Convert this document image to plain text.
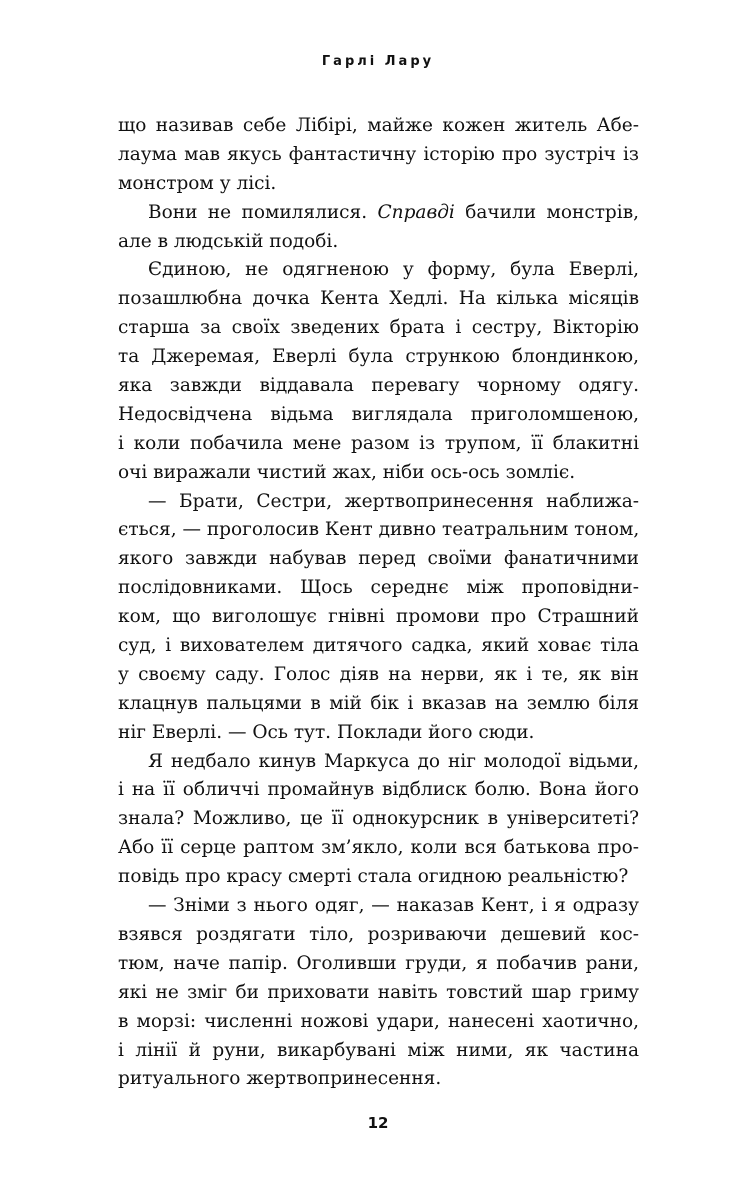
Гарлі Лару
що називав себе Лібірі, майже кожен житель Абе-
лаума мав якусь фантастичну історію про зустріч із
монстром у лісі.
Вони не помилялися. Справді бачили монстрів,
але в людській подобі.
Єдиною, не одягненою у форму, була Еверлі,
позашлюбна дочка Кента Хедлі. На кілька місяців
старша за своїх зведених брата і сестру, Вікторію
та Джеремая, Еверлі була стрункою блондинкою,
яка завжди віддавала перевагу чорному одягу.
Недосвідчена відьма виглядала приголомшеною,
і коли побачила мене разом із трупом, її блакитні
очі виражали чистий жах, ніби ось-ось зомліє.
— Брати, Сестри, жертвопринесення наближа-
ється, — проголосив Кент дивно театральним тоном,
якого завжди набував перед своїми фанатичними
послідовниками. Щось середнє між проповідни-
ком, що виголошує гнівні промови про Страшний
суд, і вихователем дитячого садка, який ховає тіла
у своєму саду. Голос діяв на нерви, як і те, як він
клацнув пальцями в мій бік і вказав на землю біля
ніг Еверлі. — Ось тут. Поклади його сюди.
Я недбало кинув Маркуса до ніг молодої відьми,
і на її обличчі промайнув відблиск болю. Вона його
знала? Можливо, це її однокурсник в університеті?
Або її серце раптом зм’якло, коли вся батькова про-
повідь про красу смерті стала огидною реальністю?
— Зніми з нього одяг, — наказав Кент, і я одразу
взявся роздягати тіло, розриваючи дешевий кос-
тюм, наче папір. Оголивши груди, я побачив рани,
які не зміг би приховати навіть товстий шар гриму
в морзі: численні ножові удари, нанесені хаотично,
і лінії й руни, викарбувані між ними, як частина
ритуального жертвопринесення.
12
